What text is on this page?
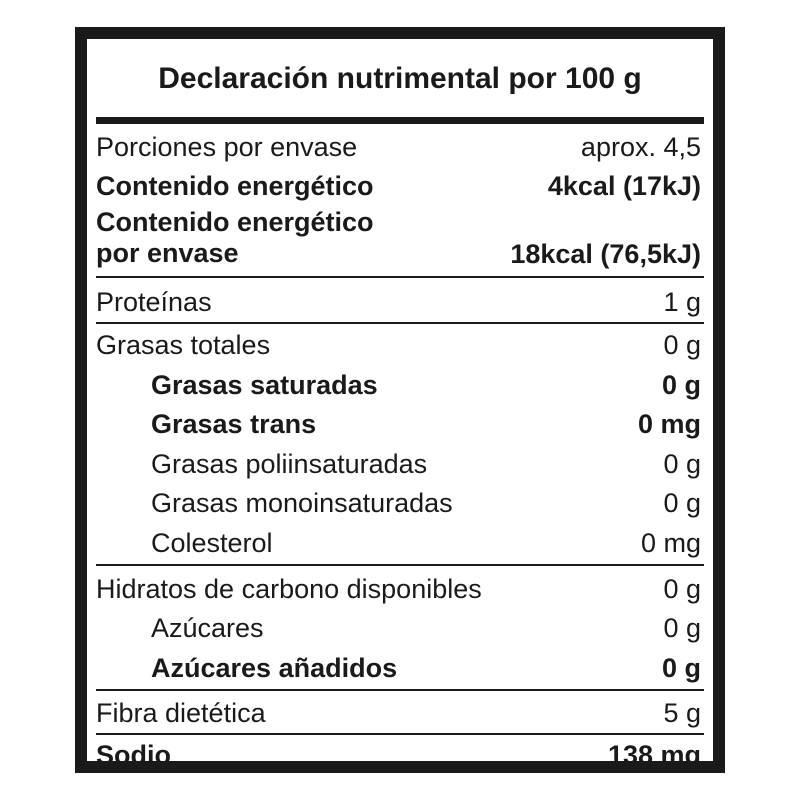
Declaración nutrimental por 100 g
Porciones por envase	aprox. 4,5
Contenido energético	4kcal (17kJ)
Contenido energético
por envase	18kcal (76,5kJ)
Proteínas	1 g
Grasas totales	0 g
Grasas saturadas	0 g
Grasas trans	0 mg
Grasas poliinsaturadas	0 g
Grasas monoinsaturadas	0 g
Colesterol	0 mg
Hidratos de carbono disponibles	0 g
Azúcares	0 g
Azúcares añadidos	0 g
Fibra dietética	5 g
Sodio	138 mg
